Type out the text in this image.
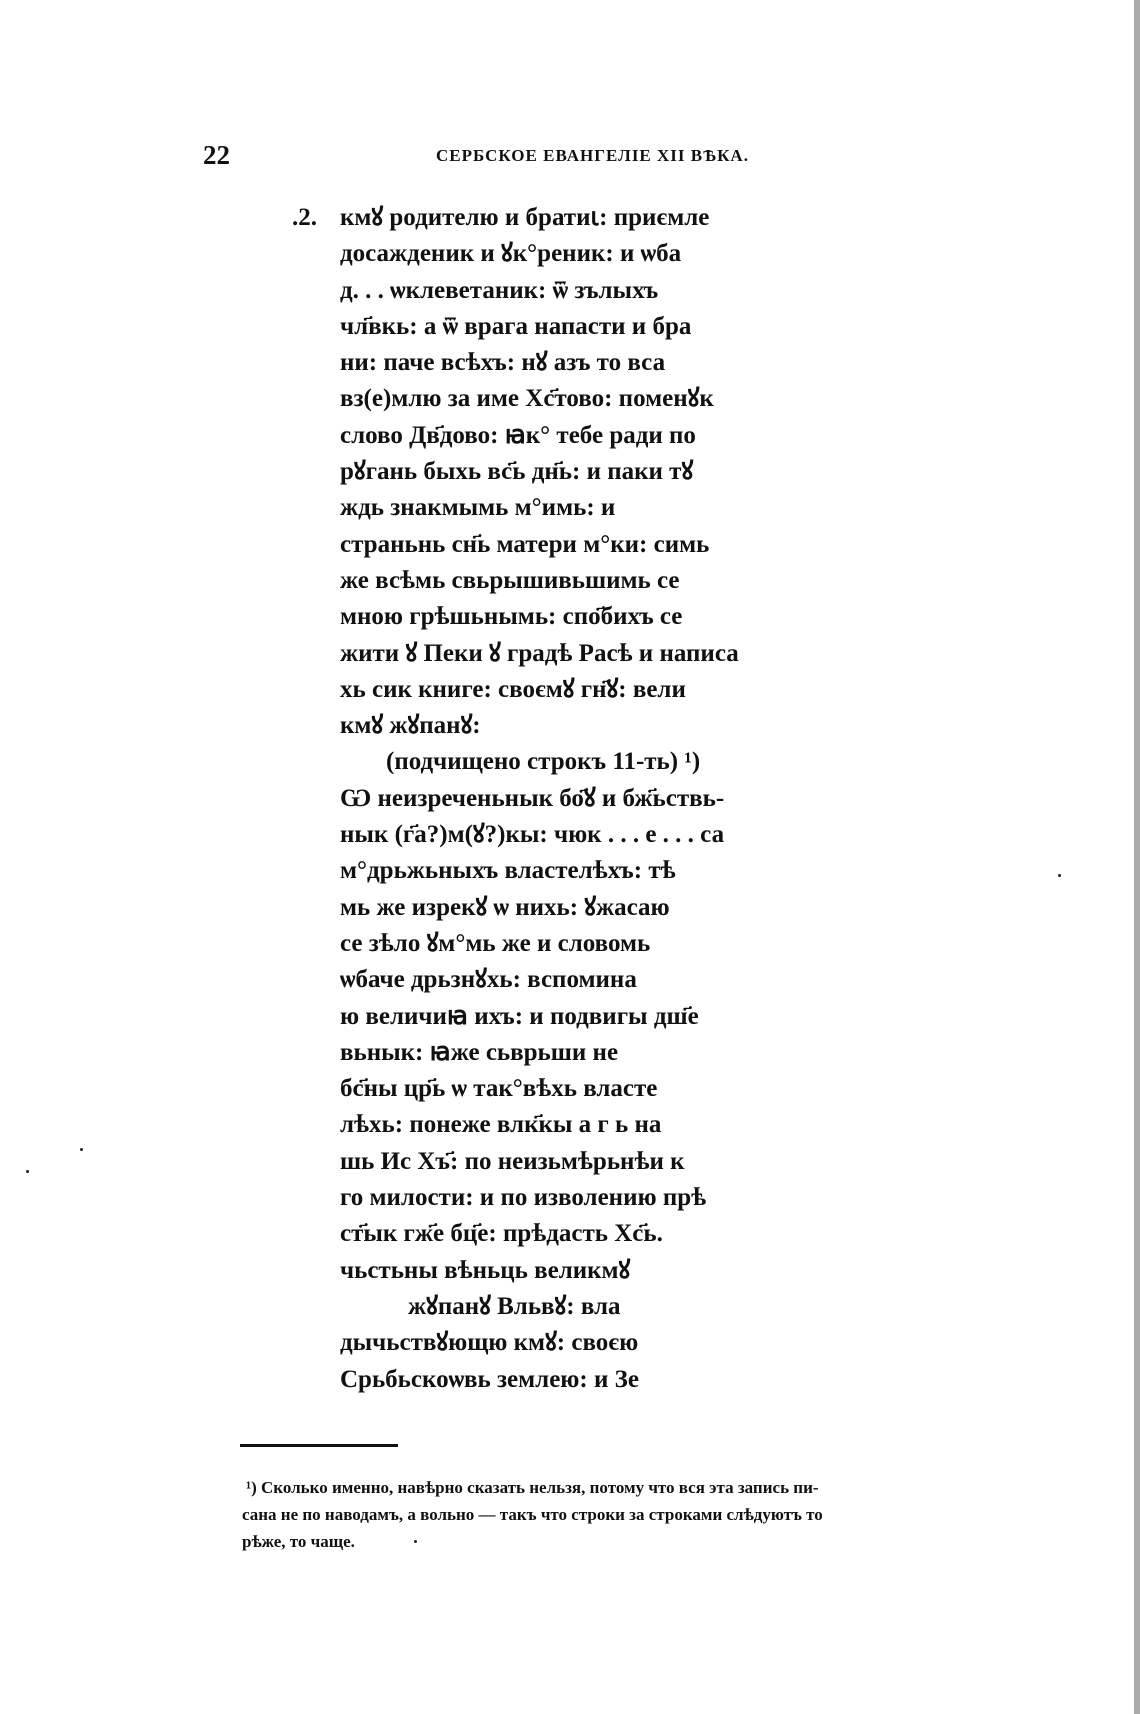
22	СЕРБСКОЕ ЕВАНГЕЛІЕ XII ВѢКА.
.2. кмꙋ родителю и братиꙇ: приємле
досажденик и ꙋк°реник: и ѡба
д. . . ѡклеветаник: ѿ зълыхъ
чл҃вкь: а ѿ врага напасти и бра
ни: паче всѣхъ: нꙋ азъ то вса
вз(е)млю за име Хс҃тово: поменꙋк
слово Дв҃дово: ꙗк° тебе ради по
рꙋгань быхь вс҃ь дн҃ь: и паки тꙋ
ждь знакмымь м°имь: и
страньнь сн҃ь матери м°ки: симь
же всѣмь свьрышивьшимь се
мною грѣшьнымь: спо҃бихъ се
жити ꙋ Пеки ꙋ градѣ Расѣ и написа
хь сик книге: своємꙋ гн҃ꙋ: вели
кмꙋ жꙋпанꙋ:
(подчищено строкъ 11-ть) ¹)
Ѡ неизреченьнык бо҃ꙋ и бж҃ьствь-
нык (г҃а?)м(ꙋ?)кы: чюк . . . е . . . са
м°дрьжьныхъ властелѣхъ: тѣ
мь же изрекꙋ ѡ нихь: ꙋжасаю
се зѣло ꙋм°мь же и словомь
ѡбаче дрьзнꙋхь: вспомина
ю величиꙗ ихъ: и подвигы дш҃е
вьнык: ꙗже сьврьши не
бс҃ны цр҃ь ѡ так°вѣхь власте
лѣхь: понеже влк҃кы а г ь на
шь Ис Хъ҃: по неизьмѣрьнѣи к
го милости: и по изволению прѣ
ст҃ык гж҃е бц҃е: прѣдасть Хс҃ь.
чьстьны вѣньць великмꙋ
жꙋпанꙋ Вльвꙋ: вла
дычьствꙋющю кмꙋ: своєю
Срьбьскоѡвь землею: и Зе
¹) Сколько именно, навѣрно сказать нельзя, потому что вся эта запись пи-
сана не по наводамъ, а вольно — такъ что строки за строками слѣдуютъ то
рѣже, то чаще.
